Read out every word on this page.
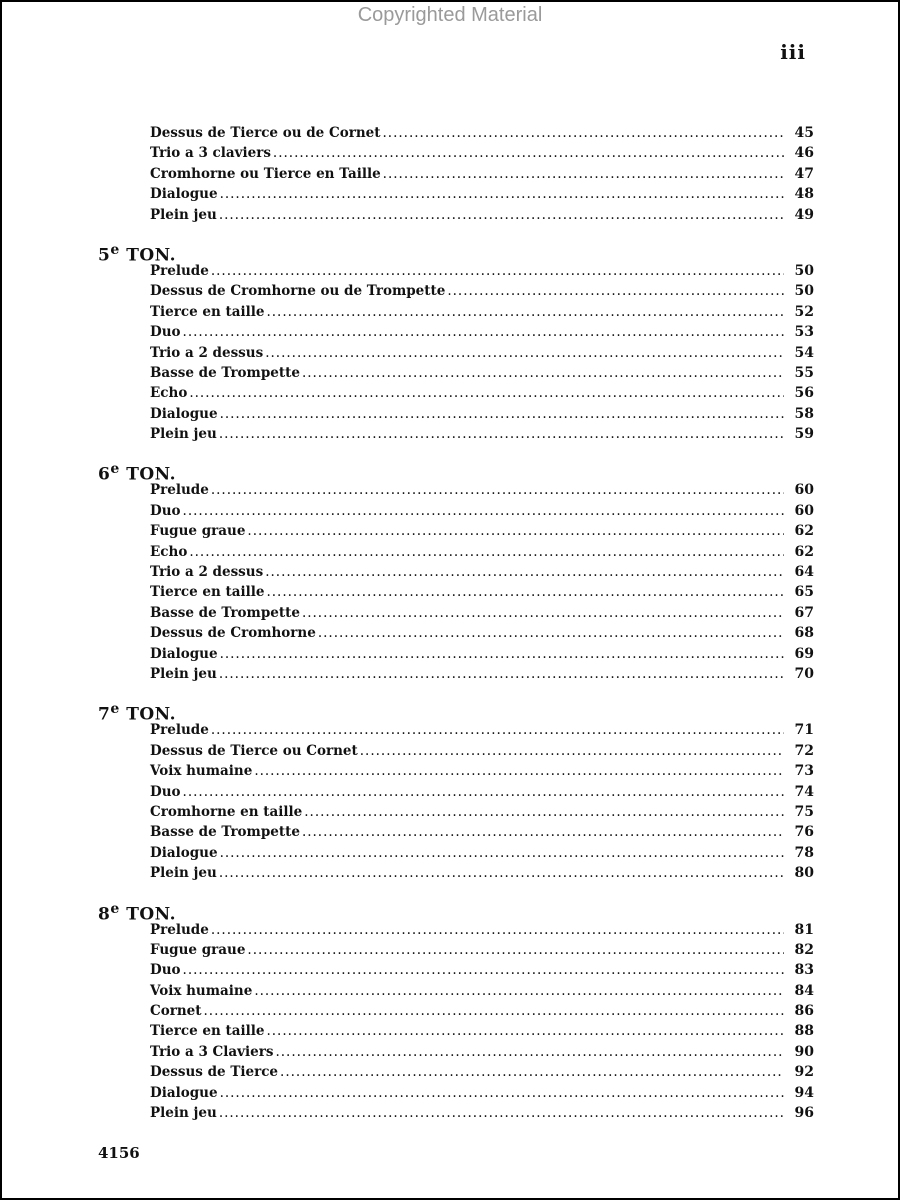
Copyrighted Material
iii
Dessus de Tierce ou de Cornet .....	45
Trio a 3 claviers .....	46
Cromhorne ou Tierce en Taille .....	47
Dialogue .....	48
Plein jeu .....	49
5e TON.
Prelude .....	50
Dessus de Cromhorne ou de Trompette .....	50
Tierce en taille .....	52
Duo .....	53
Trio a 2 dessus .....	54
Basse de Trompette .....	55
Echo .....	56
Dialogue .....	58
Plein jeu .....	59
6e TON.
Prelude .....	60
Duo .....	60
Fugue graue .....	62
Echo .....	62
Trio a 2 dessus .....	64
Tierce en taille .....	65
Basse de Trompette .....	67
Dessus de Cromhorne .....	68
Dialogue .....	69
Plein jeu .....	70
7e TON.
Prelude .....	71
Dessus de Tierce ou Cornet .....	72
Voix humaine .....	73
Duo .....	74
Cromhorne en taille .....	75
Basse de Trompette .....	76
Dialogue .....	78
Plein jeu .....	80
8e TON.
Prelude .....	81
Fugue graue .....	82
Duo .....	83
Voix humaine .....	84
Cornet .....	86
Tierce en taille .....	88
Trio a 3 Claviers .....	90
Dessus de Tierce .....	92
Dialogue .....	94
Plein jeu .....	96
4156
